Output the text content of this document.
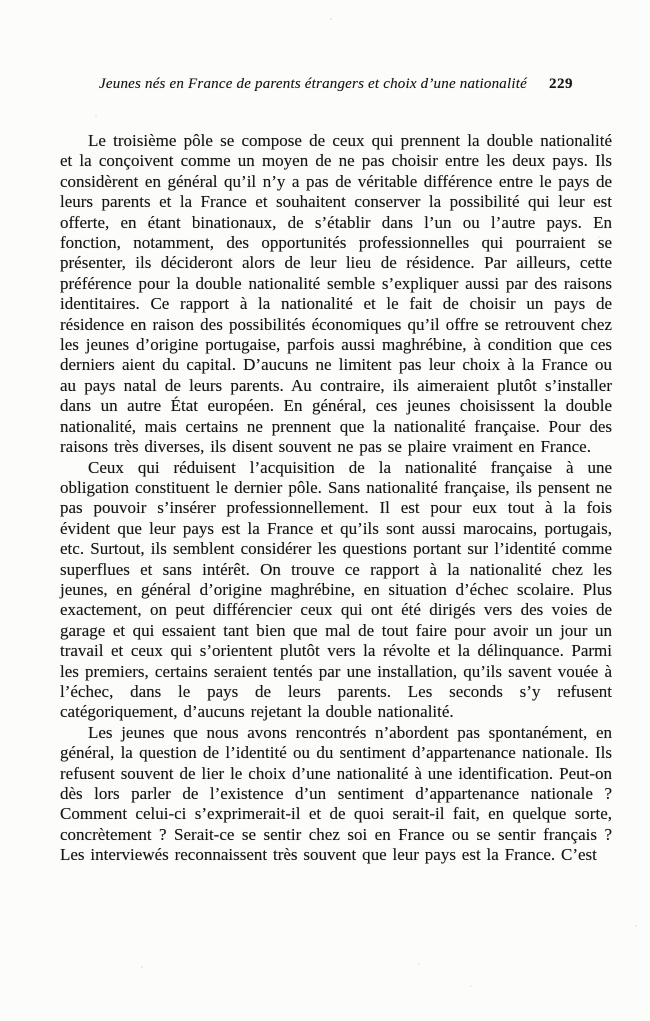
Jeunes nés en France de parents étrangers et choix d’une nationalité 229

Le troisième pôle se compose de ceux qui prennent la double nationalité et la conçoivent comme un moyen de ne pas choisir entre les deux pays. Ils considèrent en général qu’il n’y a pas de véritable différence entre le pays de leurs parents et la France et souhaitent conserver la possibilité qui leur est offerte, en étant binationaux, de s’établir dans l’un ou l’autre pays. En fonction, notamment, des opportunités professionnelles qui pourraient se présenter, ils décideront alors de leur lieu de résidence. Par ailleurs, cette préférence pour la double nationalité semble s’expliquer aussi par des raisons identitaires. Ce rapport à la nationalité et le fait de choisir un pays de résidence en raison des possibilités économiques qu’il offre se retrouvent chez les jeunes d’origine portugaise, parfois aussi maghrébine, à condition que ces derniers aient du capital. D’aucuns ne limitent pas leur choix à la France ou au pays natal de leurs parents. Au contraire, ils aimeraient plutôt s’installer dans un autre État européen. En général, ces jeunes choisissent la double nationalité, mais certains ne prennent que la nationalité française. Pour des raisons très diverses, ils disent souvent ne pas se plaire vraiment en France.

Ceux qui réduisent l’acquisition de la nationalité française à une obligation constituent le dernier pôle. Sans nationalité française, ils pensent ne pas pouvoir s’insérer professionnellement. Il est pour eux tout à la fois évident que leur pays est la France et qu’ils sont aussi marocains, portugais, etc. Surtout, ils semblent considérer les questions portant sur l’identité comme superflues et sans intérêt. On trouve ce rapport à la nationalité chez les jeunes, en général d’origine maghrébine, en situation d’échec scolaire. Plus exactement, on peut différencier ceux qui ont été dirigés vers des voies de garage et qui essaient tant bien que mal de tout faire pour avoir un jour un travail et ceux qui s’orientent plutôt vers la révolte et la délinquance. Parmi les premiers, certains seraient tentés par une installation, qu’ils savent vouée à l’échec, dans le pays de leurs parents. Les seconds s’y refusent catégoriquement, d’aucuns rejetant la double nationalité.

Les jeunes que nous avons rencontrés n’abordent pas spontanément, en général, la question de l’identité ou du sentiment d’appartenance nationale. Ils refusent souvent de lier le choix d’une nationalité à une identification. Peut-on dès lors parler de l’existence d’un sentiment d’appartenance nationale ? Comment celui-ci s’exprimerait-il et de quoi serait-il fait, en quelque sorte, concrètement ? Serait-ce se sentir chez soi en France ou se sentir français ? Les interviewés reconnaissent très souvent que leur pays est la France. C’est
